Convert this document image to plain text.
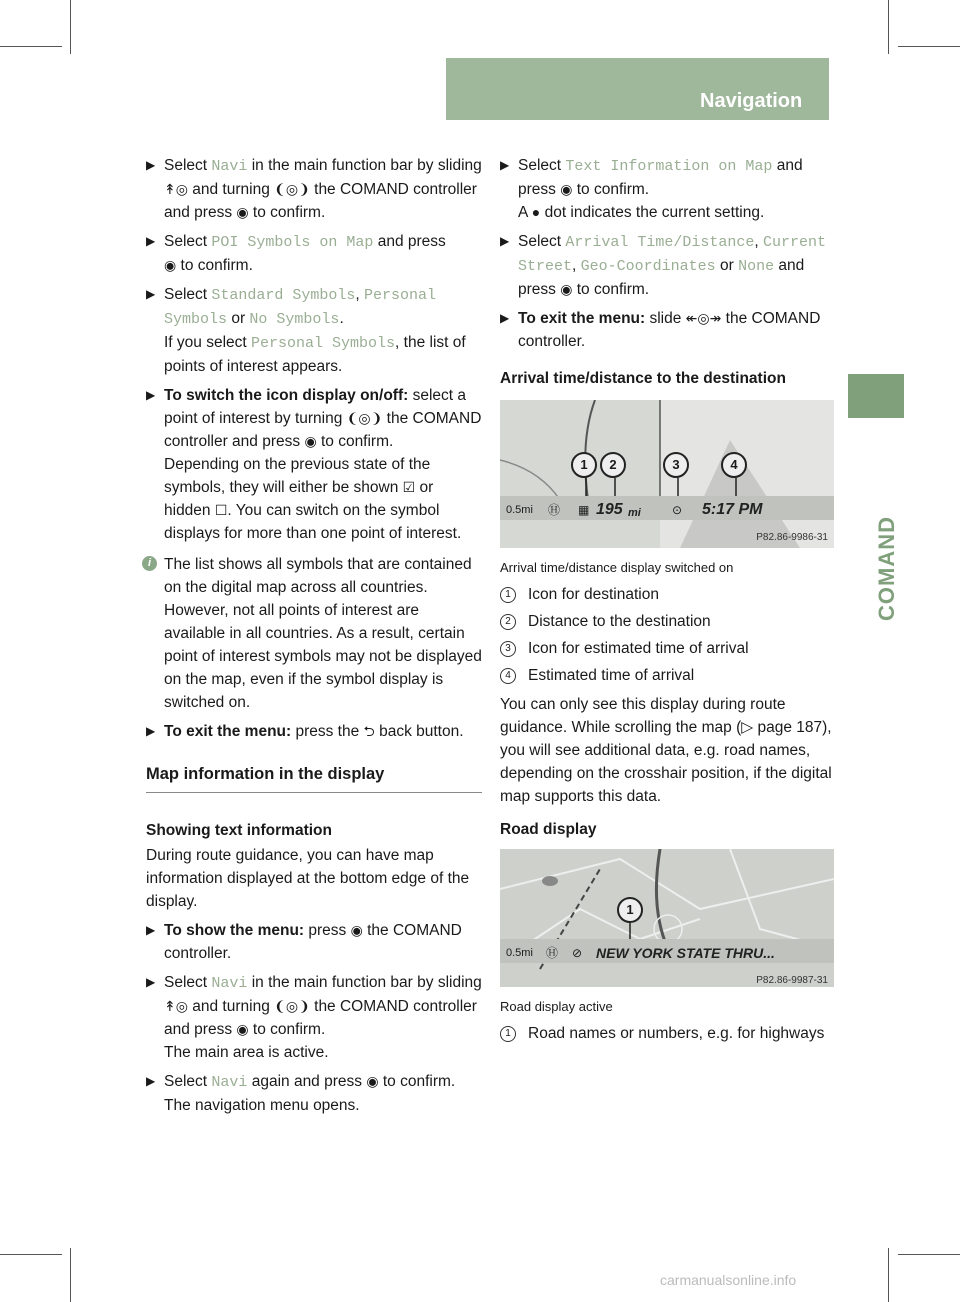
Navigation	189
COMAND

▶ Select Navi in the main function bar by sliding ↟◎ and turning ❨◎❩ the COMAND controller and press ◉ to confirm.

▶ Select POI Symbols on Map and press
◉ to confirm.

▶ Select Standard Symbols, Personal Symbols or No Symbols.
If you select Personal Symbols, the list of points of interest appears.

▶ To switch the icon display on/off: select a point of interest by turning ❨◎❩ the COMAND controller and press ◉ to confirm.
Depending on the previous state of the symbols, they will either be shown ☑ or hidden ☐. You can switch on the symbol displays for more than one point of interest.

i The list shows all symbols that are contained on the digital map across all countries. However, not all points of interest are available in all countries. As a result, certain point of interest symbols may not be displayed on the map, even if the symbol display is switched on.

▶ To exit the menu: press the ⮌ back button.

Map information in the display
Showing text information

During route guidance, you can have map information displayed at the bottom edge of the display.

▶ To show the menu: press ◉ the COMAND controller.

▶ Select Navi in the main function bar by sliding ↟◎ and turning ❨◎❩ the COMAND controller and press ◉ to confirm.
The main area is active.

▶ Select Navi again and press ◉ to confirm.
The navigation menu opens.

▶ Select Text Information on Map and press ◉ to confirm.
A ● dot indicates the current setting.

▶ Select Arrival Time/Distance, Current Street, Geo-Coordinates or None and press ◉ to confirm.

▶ To exit the menu: slide ↞◎↠ the COMAND controller.

Arrival time/distance to the destination
1	2	3	4
0.5mi Ⓗ ▦ 195 mi	⊙ 5:17 PM
P82.86-9986-31

Arrival time/distance display switched on

1	Icon for destination

2	Distance to the destination

3	Icon for estimated time of arrival

4	Estimated time of arrival

You can only see this display during route guidance. While scrolling the map (▷ page 187), you will see additional data, e.g. road names, depending on the crosshair position, if the digital map supports this data.

Road display
1
0.5mi Ⓗ ⊘ NEW YORK STATE THRU...
P82.86-9987-31

Road display active

1	Road names or numbers, e.g. for highways

carmanualsonline.info
